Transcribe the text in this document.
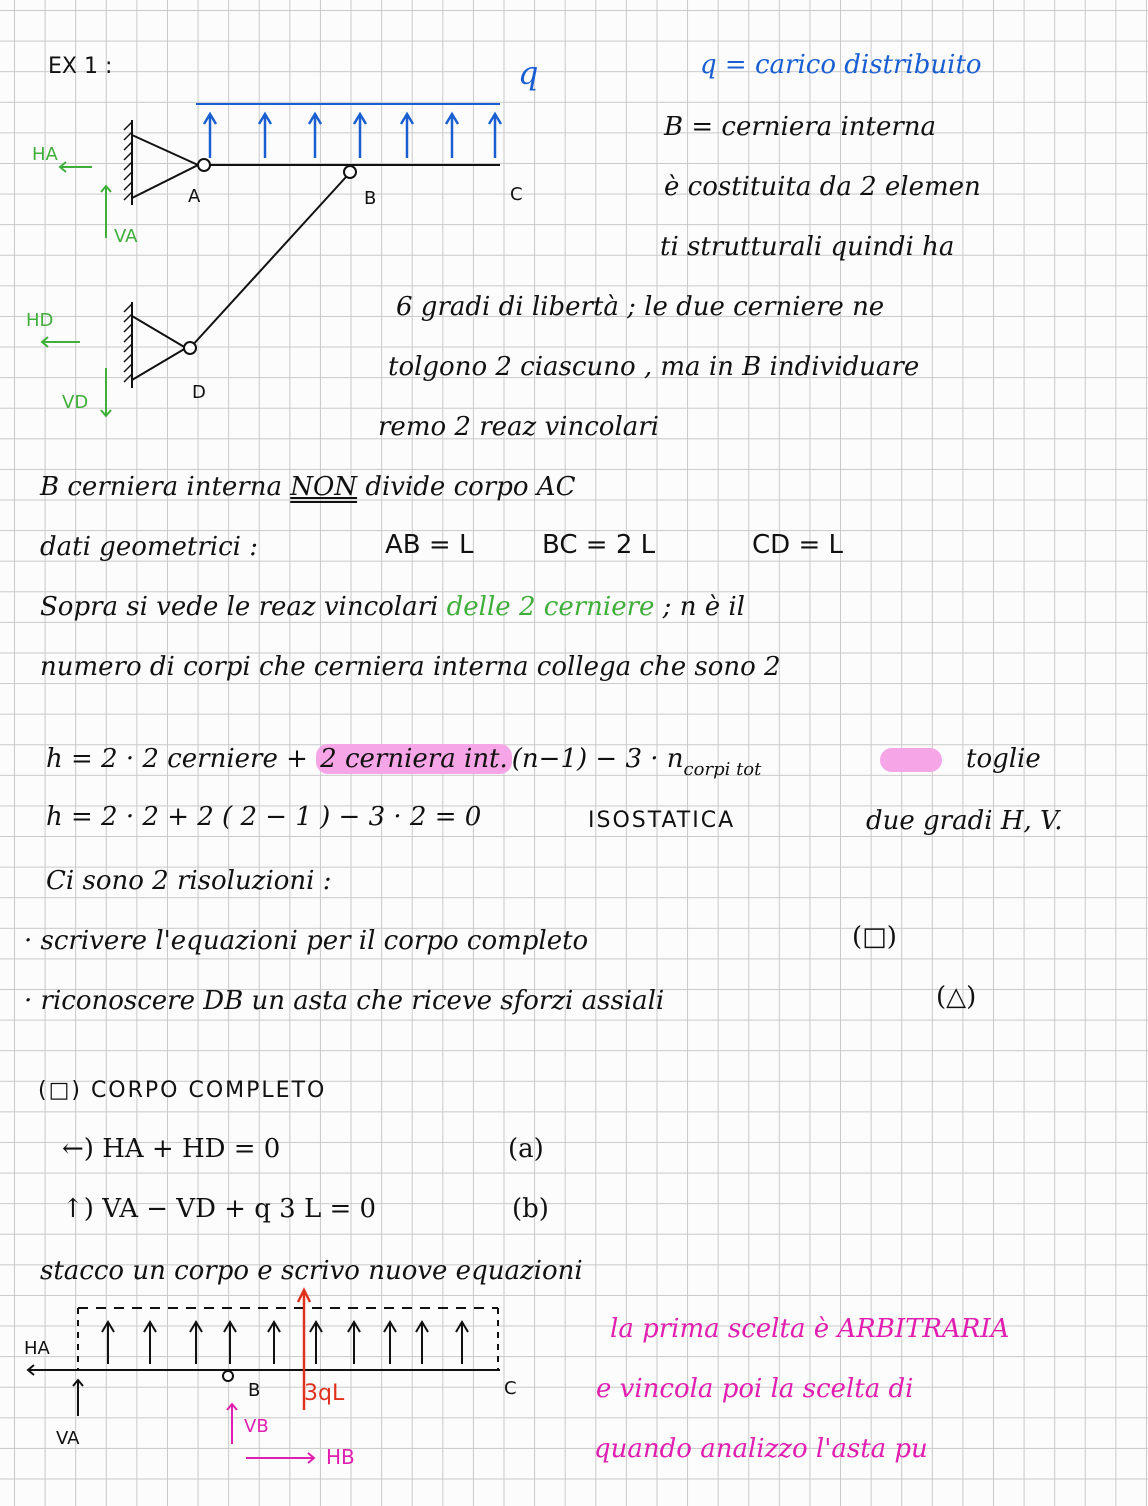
EX 1 :	q	q = carico distribuito
B = cerniera interna
HA
VA
HD
VD
A	B	C
D
è costituita da 2 elemen
ti strutturali quindi ha
6 gradi di libertà ; le due cerniere ne
tolgono 2 ciascuno , ma in B individuare
remo 2 reaz vincolari
B cerniera interna NON divide corpo AC
dati geometrici :	AB = L	BC = 2 L	CD = L
Sopra si vede le reaz vincolari delle 2 cerniere ; n è il
numero di corpi che cerniera interna collega che sono 2
h = 2 · 2 cerniere + 2 cerniera int. $(n-1) - 3 \cdot n_{corpi tot}$	toglie
h = 2 · 2 + 2 ( 2 − 1 ) − 3 · 2 = 0	ISOSTATICA	due gradi H, V.
Ci sono 2 risoluzioni :
· scrivere l'equazioni per il corpo completo	(□)
· riconoscere DB un asta che riceve sforzi assiali	(△)
(□) CORPO COMPLETO
←) HA + HD = 0	(a)
↑) VA − VD + q 3 L = 0	(b)
stacco un corpo e scrivo nuove equazioni
3qL
HA
VA
B	C
VB
HB
la prima scelta è ARBITRARIA
e vincola poi la scelta di
quando analizzo l'asta pu
